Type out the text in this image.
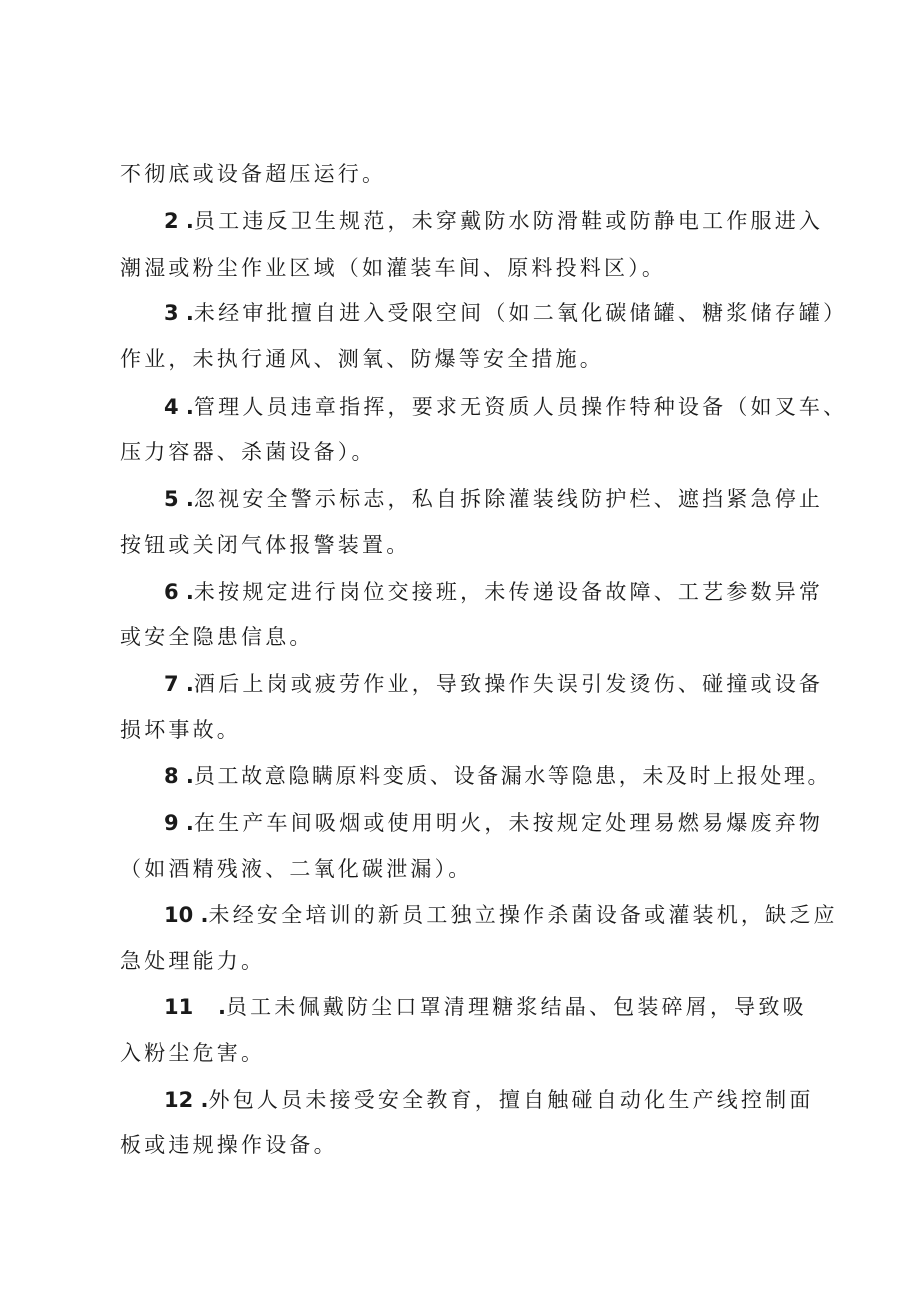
不彻底或设备超压运行。
2 .员工违反卫生规范，未穿戴防水防滑鞋或防静电工作服进入
潮湿或粉尘作业区域（如灌装车间、原料投料区）。
3 .未经审批擅自进入受限空间（如二氧化碳储罐、糖浆储存罐）
作业，未执行通风、测氧、防爆等安全措施。
4 .管理人员违章指挥，要求无资质人员操作特种设备（如叉车、
压力容器、杀菌设备）。
5 .忽视安全警示标志，私自拆除灌装线防护栏、遮挡紧急停止
按钮或关闭气体报警装置。
6 .未按规定进行岗位交接班，未传递设备故障、工艺参数异常
或安全隐患信息。
7 .酒后上岗或疲劳作业，导致操作失误引发烫伤、碰撞或设备
损坏事故。
8 .员工故意隐瞒原料变质、设备漏水等隐患，未及时上报处理。
9 .在生产车间吸烟或使用明火，未按规定处理易燃易爆废弃物
（如酒精残液、二氧化碳泄漏）。
10 .未经安全培训的新员工独立操作杀菌设备或灌装机，缺乏应
急处理能力。
11 .员工未佩戴防尘口罩清理糖浆结晶、包装碎屑，导致吸
入粉尘危害。
12 .外包人员未接受安全教育，擅自触碰自动化生产线控制面
板或违规操作设备。
